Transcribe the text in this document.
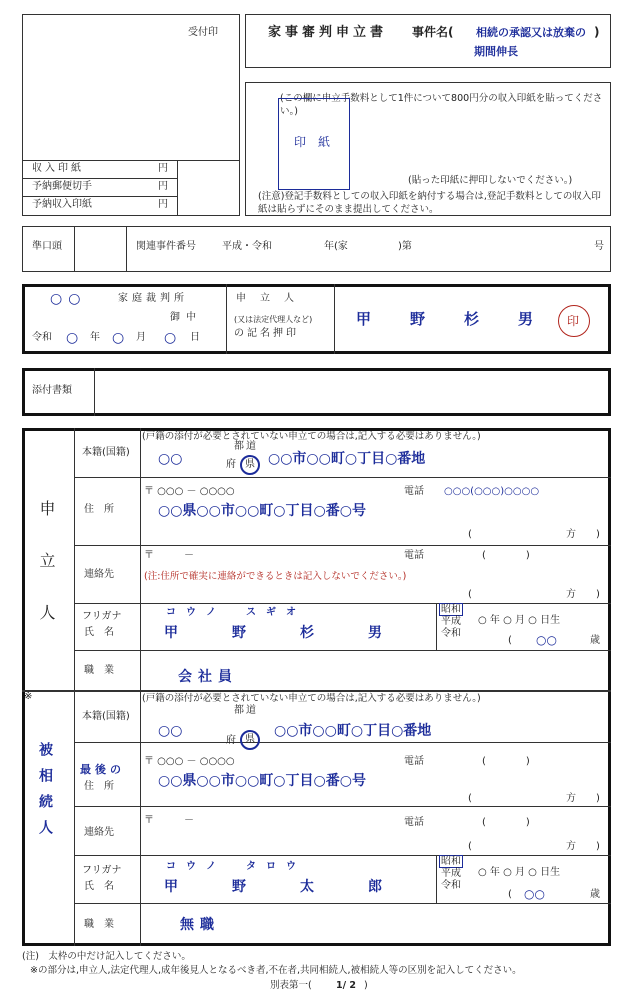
受付印
収入印紙	円
予納郵便切手	円
予納収入印紙	円
家事審判申立書 事件名( 相続の承認又は放棄の )
期間伸長
(この欄に申立手数料として1件について800円分の収入印紙を貼ってください。)
印　紙
(貼った印紙に押印しないでください。)
(注意)登記手数料としての収入印紙を納付する場合は,登記手数料としての収入印紙は貼らずにそのまま提出してください。
準口頭	関連事件番号	平成・令和	年(家	)第	号
○○	家庭裁判所
御中
令和 ○ 年 ○ 月 ○ 日
申立人
(又は法定代理人など)
の記名押印
甲　野　杉　男 印
添付書類
申立人
(戸籍の添付が必要とされていない申立ての場合は,記入する必要はありません。)
本籍(国籍) ○○
都 道
府 県 ○○市○○町○丁目○番地
住所
〒 ○○○ － ○○○○	電話 ○○○(○○○)○○○○
○○県○○市○○町○丁目○番○号
方
(	)
連絡先
〒　　　－	電話	(　　　　)
(注:住所で確実に連絡ができるときは記入しないでください。)
(	方 )
フリガナ
氏名
コ　ウ　ノ　　　ス　ギ　オ
甲　野　杉　男
昭和
平成
令和
○ 年 ○ 月 ○ 日生
( ○○	歳
職業	会社員
※
被相続人
(戸籍の添付が必要とされていない申立ての場合は,記入する必要はありません。)
本籍(国籍)
○○
都 道
府 県
○○市○○町○丁目○番地
最後の
住所
〒 ○○○ － ○○○○	電話	(　　　　)
○○県○○市○○町○丁目○番○号
(	方 )
連絡先
〒　　　－	電話	(　　　　)
(	方 )
フリガナ
氏名
コ　ウ　ノ　　　タ　ロ　ウ
甲　野　太　郎
昭和
平成
令和
○ 年 ○ 月 ○ 日生
( ○○	歳
職業	無職
(注)　太枠の中だけ記入してください。
※の部分は,申立人,法定代理人,成年後見人となるべき者,不在者,共同相続人,被相続人等の区別を記入してください。
別表第一(	1/ 2 )
